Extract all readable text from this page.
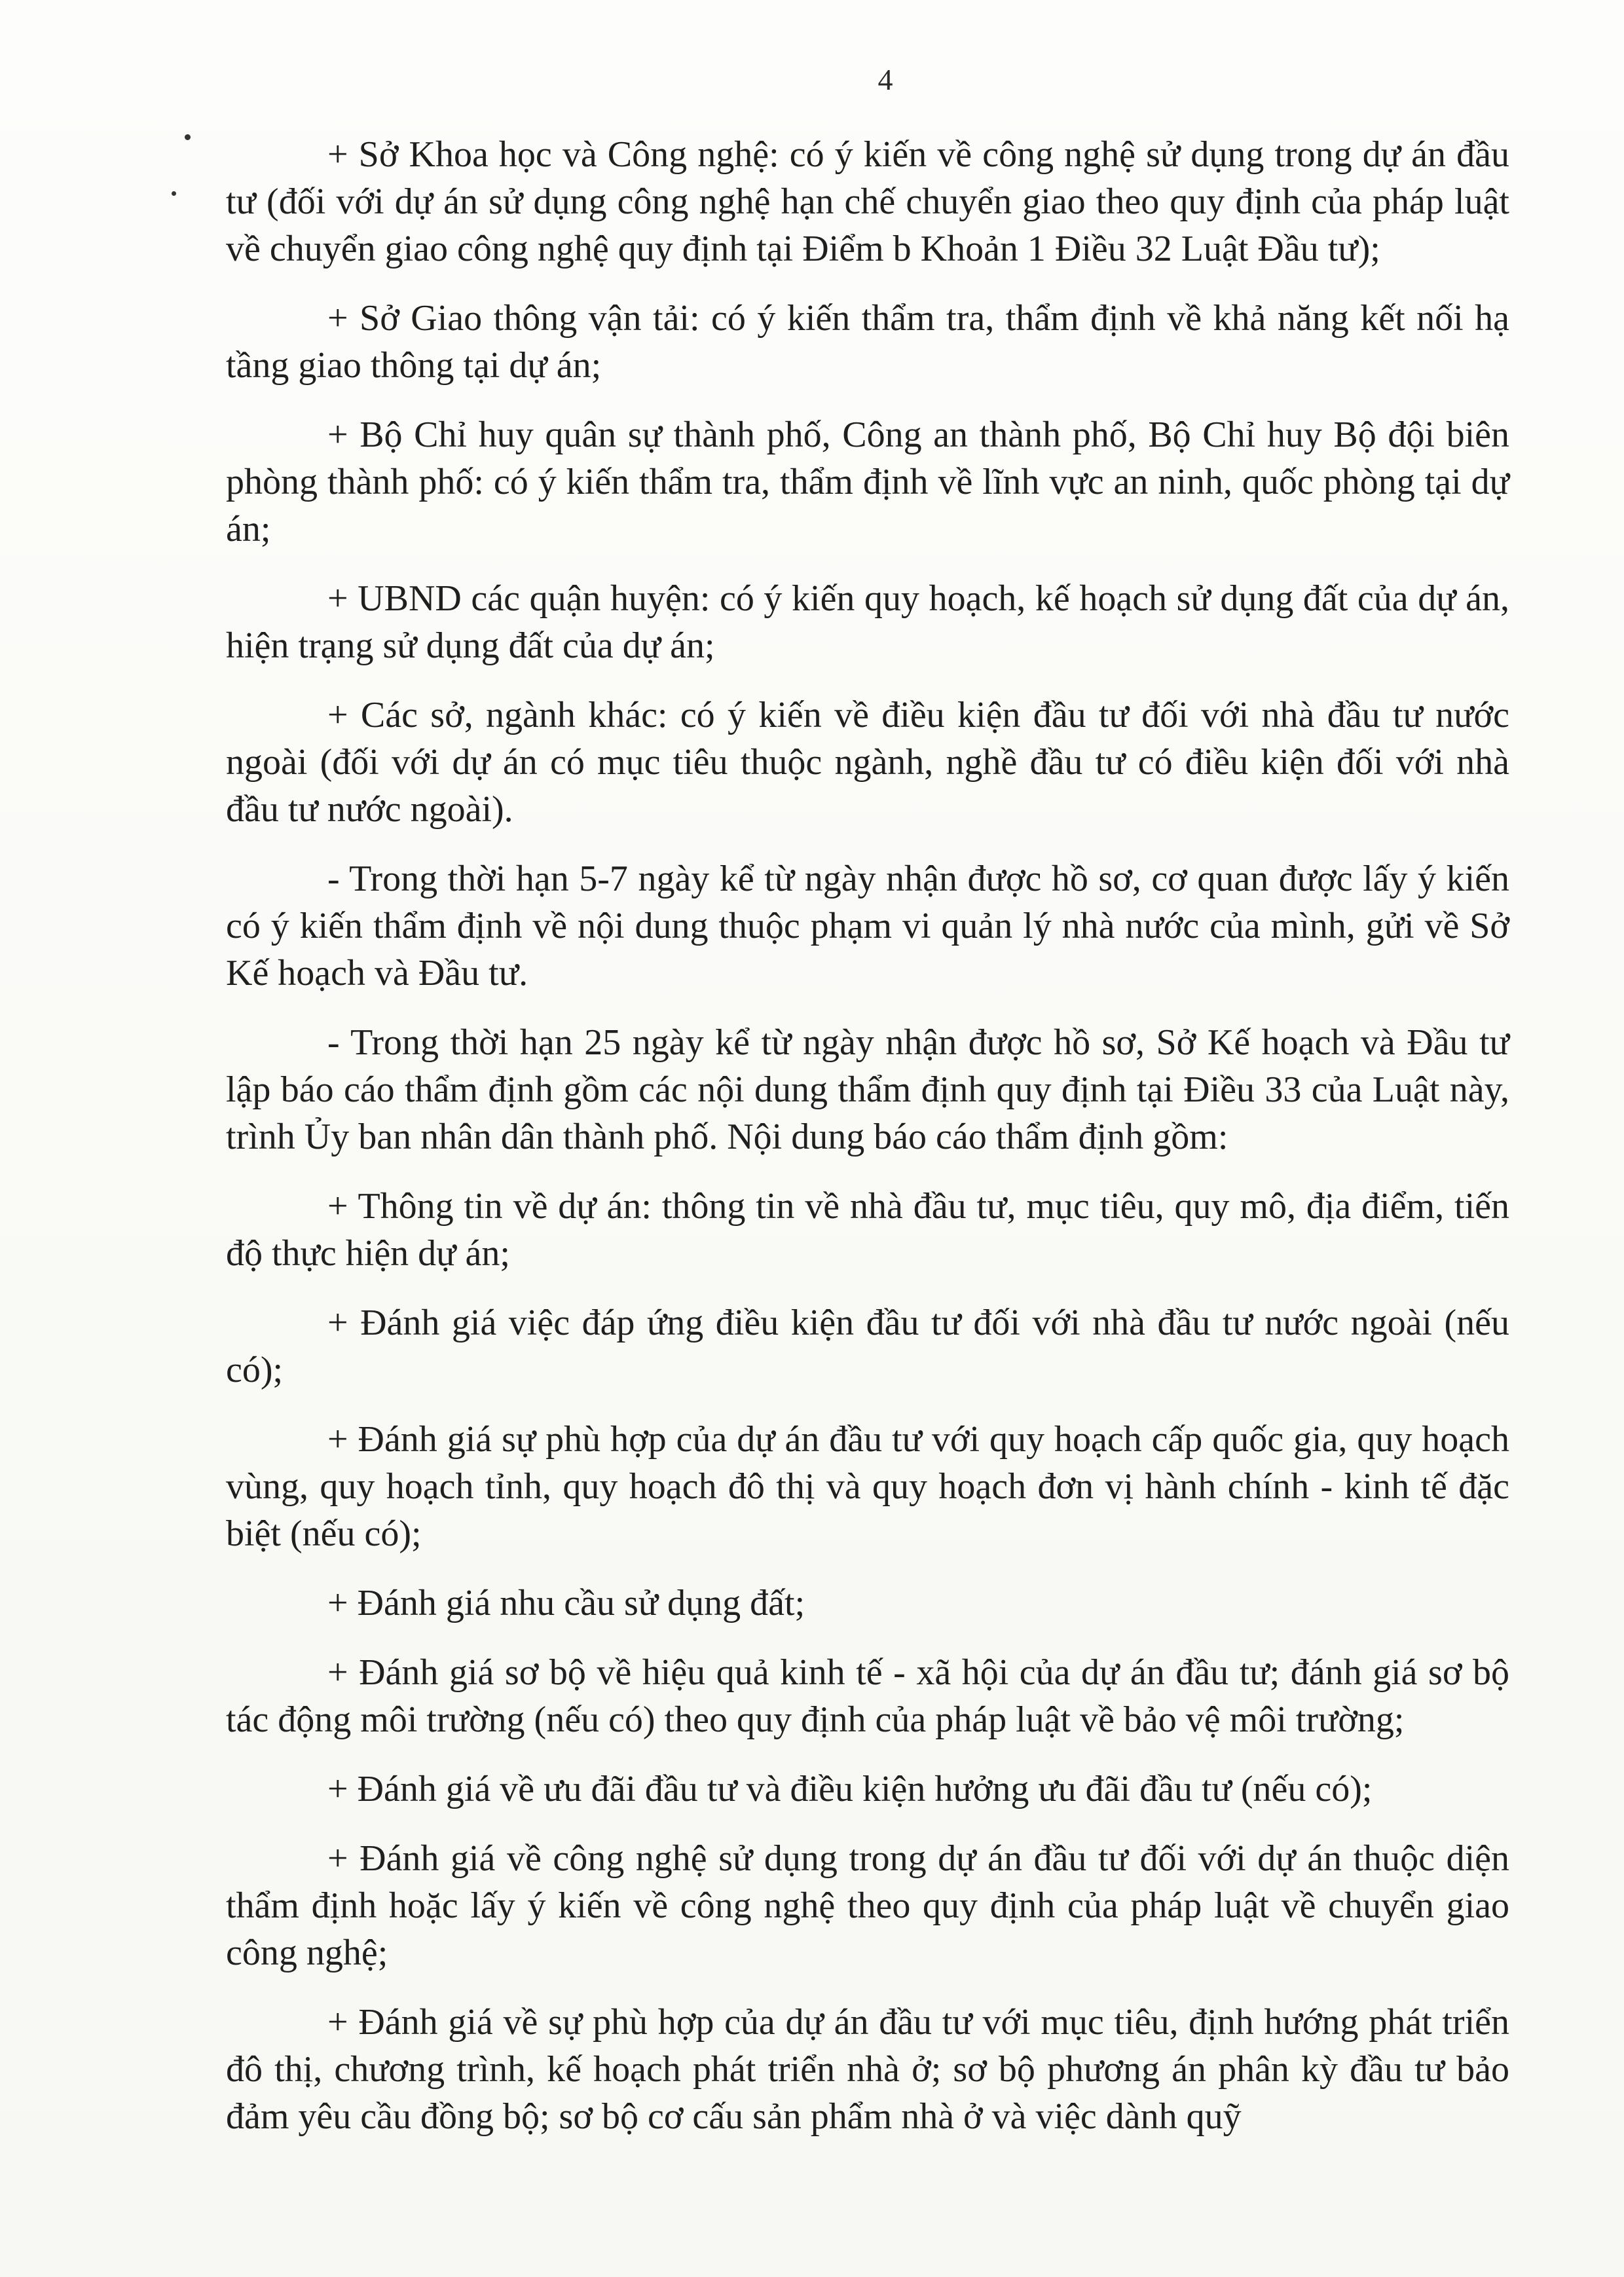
4

+ Sở Khoa học và Công nghệ: có ý kiến về công nghệ sử dụng trong dự án đầu tư (đối với dự án sử dụng công nghệ hạn chế chuyển giao theo quy định của pháp luật về chuyển giao công nghệ quy định tại Điểm b Khoản 1 Điều 32 Luật Đầu tư);

+ Sở Giao thông vận tải: có ý kiến thẩm tra, thẩm định về khả năng kết nối hạ tầng giao thông tại dự án;

+ Bộ Chỉ huy quân sự thành phố, Công an thành phố, Bộ Chỉ huy Bộ đội biên phòng thành phố: có ý kiến thẩm tra, thẩm định về lĩnh vực an ninh, quốc phòng tại dự án;

+ UBND các quận huyện: có ý kiến quy hoạch, kế hoạch sử dụng đất của dự án, hiện trạng sử dụng đất của dự án;

+ Các sở, ngành khác: có ý kiến về điều kiện đầu tư đối với nhà đầu tư nước ngoài (đối với dự án có mục tiêu thuộc ngành, nghề đầu tư có điều kiện đối với nhà đầu tư nước ngoài).

- Trong thời hạn 5-7 ngày kể từ ngày nhận được hồ sơ, cơ quan được lấy ý kiến có ý kiến thẩm định về nội dung thuộc phạm vi quản lý nhà nước của mình, gửi về Sở Kế hoạch và Đầu tư.

- Trong thời hạn 25 ngày kể từ ngày nhận được hồ sơ, Sở Kế hoạch và Đầu tư lập báo cáo thẩm định gồm các nội dung thẩm định quy định tại Điều 33 của Luật này, trình Ủy ban nhân dân thành phố. Nội dung báo cáo thẩm định gồm:

+ Thông tin về dự án: thông tin về nhà đầu tư, mục tiêu, quy mô, địa điểm, tiến độ thực hiện dự án;

+ Đánh giá việc đáp ứng điều kiện đầu tư đối với nhà đầu tư nước ngoài (nếu có);

+ Đánh giá sự phù hợp của dự án đầu tư với quy hoạch cấp quốc gia, quy hoạch vùng, quy hoạch tỉnh, quy hoạch đô thị và quy hoạch đơn vị hành chính - kinh tế đặc biệt (nếu có);

+ Đánh giá nhu cầu sử dụng đất;

+ Đánh giá sơ bộ về hiệu quả kinh tế - xã hội của dự án đầu tư; đánh giá sơ bộ tác động môi trường (nếu có) theo quy định của pháp luật về bảo vệ môi trường;

+ Đánh giá về ưu đãi đầu tư và điều kiện hưởng ưu đãi đầu tư (nếu có);

+ Đánh giá về công nghệ sử dụng trong dự án đầu tư đối với dự án thuộc diện thẩm định hoặc lấy ý kiến về công nghệ theo quy định của pháp luật về chuyển giao công nghệ;

+ Đánh giá về sự phù hợp của dự án đầu tư với mục tiêu, định hướng phát triển đô thị, chương trình, kế hoạch phát triển nhà ở; sơ bộ phương án phân kỳ đầu tư bảo đảm yêu cầu đồng bộ; sơ bộ cơ cấu sản phẩm nhà ở và việc dành quỹ
